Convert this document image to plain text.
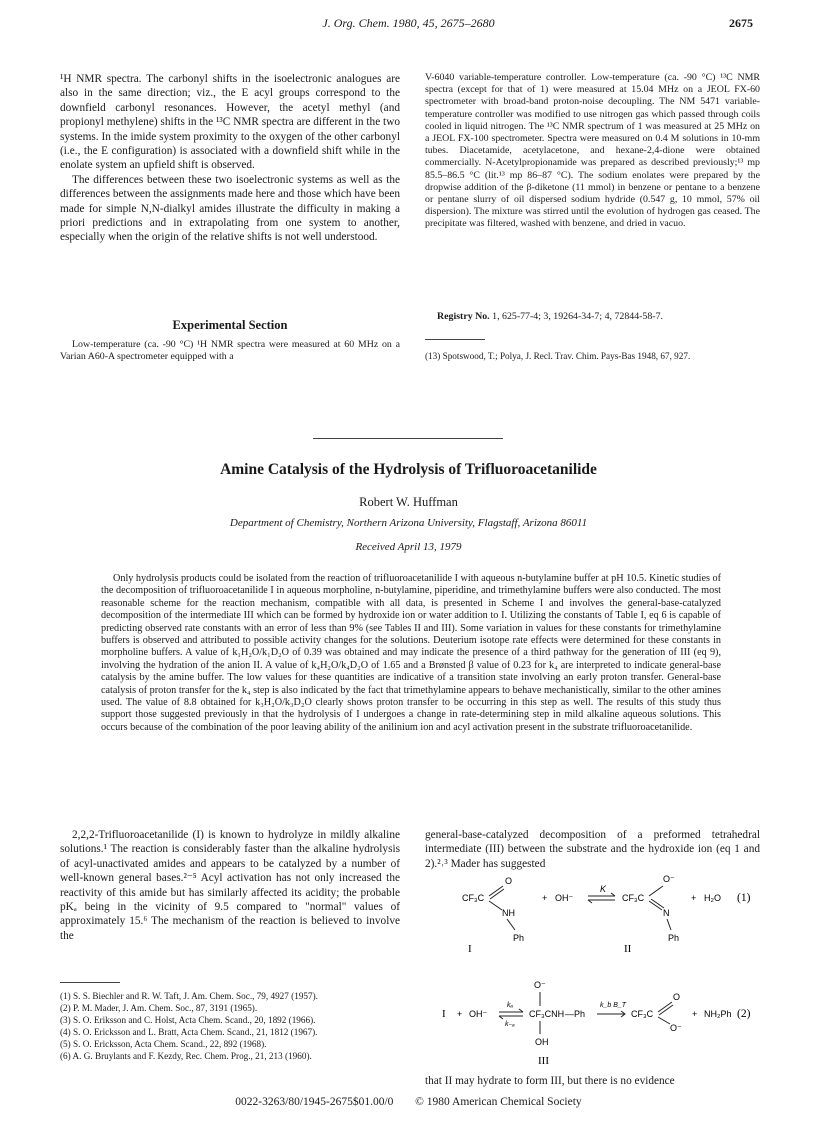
J. Org. Chem. 1980, 45, 2675–2680	2675

¹H NMR spectra. The carbonyl shifts in the isoelectronic analogues are also in the same direction; viz., the E acyl groups correspond to the downfield carbonyl resonances. However, the acetyl methyl (and propionyl methylene) shifts in the ¹³C NMR spectra are different in the two systems. In the imide system proximity to the oxygen of the other carbonyl (i.e., the E configuration) is associated with a downfield shift while in the enolate system an upfield shift is observed.

The differences between these two isoelectronic systems as well as the differences between the assignments made here and those which have been made for simple N,N-dialkyl amides illustrate the difficulty in making a priori predictions and in extrapolating from one system to another, especially when the origin of the relative shifts is not well understood.

Experimental Section
Low-temperature (ca. -90 °C) ¹H NMR spectra were measured at 60 MHz on a Varian A60-A spectrometer equipped with a
V-6040 variable-temperature controller. Low-temperature (ca. -90 °C) ¹³C NMR spectra (except for that of 1) were measured at 15.04 MHz on a JEOL FX-60 spectrometer with broad-band proton-noise decoupling. The NM 5471 variable-temperature controller was modified to use nitrogen gas which passed through coils cooled in liquid nitrogen. The ¹³C NMR spectrum of 1 was measured at 25 MHz on a JEOL FX-100 spectrometer. Spectra were measured on 0.4 M solutions in 10-mm tubes. Diacetamide, acetylacetone, and hexane-2,4-dione were obtained commercially. N-Acetylpropionamide was prepared as described previously;¹³ mp 85.5–86.5 °C (lit.¹³ mp 86–87 °C). The sodium enolates were prepared by the dropwise addition of the β-diketone (11 mmol) in benzene or pentane to a benzene or pentane slurry of oil dispersed sodium hydride (0.547 g, 10 mmol, 57% oil dispersion). The mixture was stirred until the evolution of hydrogen gas ceased. The precipitate was filtered, washed with benzene, and dried in vacuo.
Registry No. 1, 625-77-4; 3, 19264-34-7; 4, 72844-58-7.
(13) Spotswood, T.; Polya, J. Recl. Trav. Chim. Pays-Bas 1948, 67, 927.
Amine Catalysis of the Hydrolysis of Trifluoroacetanilide
Robert W. Huffman
Department of Chemistry, Northern Arizona University, Flagstaff, Arizona 86011
Received April 13, 1979
Only hydrolysis products could be isolated from the reaction of trifluoroacetanilide I with aqueous n-butylamine buffer at pH 10.5. Kinetic studies of the decomposition of trifluoroacetanilide I in aqueous morpholine, n-butylamine, piperidine, and trimethylamine buffers were also conducted. The most reasonable scheme for the reaction mechanism, compatible with all data, is presented in Scheme I and involves the general-base-catalyzed decomposition of the intermediate III which can be formed by hydroxide ion or water addition to I. Utilizing the constants of Table I, eq 6 is capable of predicting observed rate constants with an error of less than 9% (see Tables II and III). Some variation in values for these constants for trimethylamine buffers is observed and attributed to possible activity changes for the solutions. Deuterium isotope rate effects were determined for these constants in morpholine buffers. A value of k₁H₂O/k₁D₂O of 0.39 was obtained and may indicate the presence of a third pathway for the generation of III (eq 9), involving the hydration of the anion II. A value of k₄H₂O/k₄D₂O of 1.65 and a Brønsted β value of 0.23 for k₄ are interpreted to indicate general-base catalysis by the amine buffer. The low values for these quantities are indicative of a transition state involving an early proton transfer. General-base catalysis of proton transfer for the k₄ step is also indicated by the fact that trimethylamine appears to behave mechanistically, similar to the other amines used. The value of 8.8 obtained for k₃H₂O/k₃D₂O clearly shows proton transfer to be occurring in this step as well. The results of this study thus support those suggested previously in that the hydrolysis of I undergoes a change in rate-determining step in mild alkaline aqueous solutions. This occurs because of the combination of the poor leaving ability of the anilinium ion and acyl activation present in the substrate trifluoroacetanilide.
2,2,2-Trifluoroacetanilide (I) is known to hydrolyze in mildly alkaline solutions.¹ The reaction is considerably faster than the alkaline hydrolysis of acyl-unactivated amides and appears to be catalyzed by a number of well-known general bases.²⁻⁵ Acyl activation has not only increased the reactivity of this amide but has similarly affected its acidity; the probable pKₐ being in the vicinity of 9.5 compared to "normal" values of approximately 15.⁶ The mechanism of the reaction is believed to involve the
(1) S. S. Biechler and R. W. Taft, J. Am. Chem. Soc., 79, 4927 (1957).
(2) P. M. Mader, J. Am. Chem. Soc., 87, 3191 (1965).
(3) S. O. Eriksson and C. Holst, Acta Chem. Scand., 20, 1892 (1966).
(4) S. O. Ericksson and L. Bratt, Acta Chem. Scand., 21, 1812 (1967).
(5) S. O. Ericksson, Acta Chem. Scand., 22, 892 (1968).
(6) A. G. Bruylants and F. Kezdy, Rec. Chem. Prog., 21, 213 (1960).
general-base-catalyzed decomposition of a preformed tetrahedral intermediate (III) between the substrate and the hydroxide ion (eq 1 and 2).²˒³ Mader has suggested
CF₃C
O
NH
Ph
+ OH⁻
K
CF₃C
O⁻
N
Ph
+ H₂O (1)
I	II
I + OH⁻
kₐ
k₋ₐ
O⁻
CF₃CNH —Ph
OH
III
k_b B_T
CF₃C
O
O⁻
+ NH₂Ph (2)
that II may hydrate to form III, but there is no evidence
0022-3263/80/1945-2675$01.00/0 © 1980 American Chemical Society
